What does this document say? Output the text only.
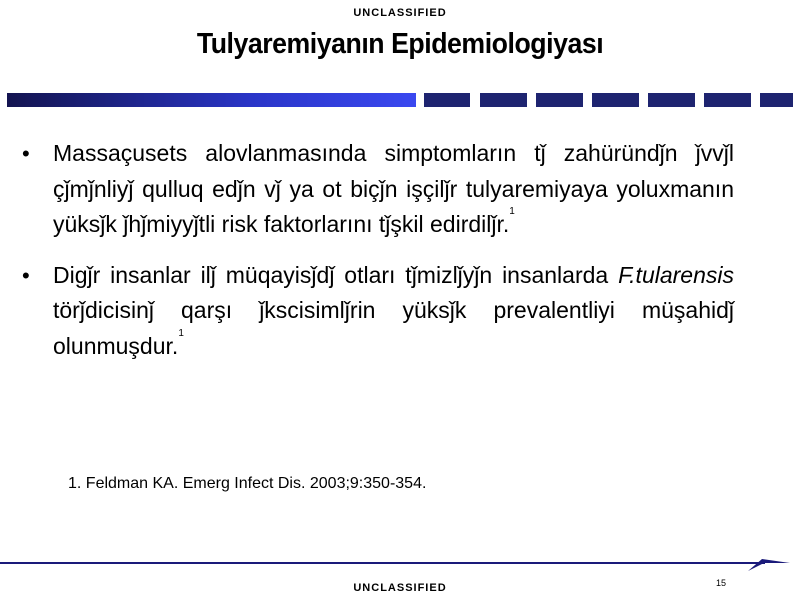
UNCLASSIFIED
Tulyaremiyanın Epidemiologiyası
•	Massaçusets alovlanmasında simptomların tǰ zahüründǰn ǰvvǰl çǰmǰnliyǰ qulluq edǰn vǰ ya ot biçǰn işçilǰr tulyaremiyaya yoluxmanın yüksǰk ǰhǰmiyyǰtli risk faktorlarını tǰşkil edirdilǰr.$^1$
•	Digǰr insanlar ilǰ müqayisǰdǰ otları tǰmizlǰyǰn insanlarda F.tularensis törǰdicisinǰ qarşı ǰkscisimlǰrin yüksǰk prevalentliyi müşahidǰ olunmuşdur.$^1$
1. Feldman KA. Emerg Infect Dis. 2003;9:350-354.
UNCLASSIFIED	15
